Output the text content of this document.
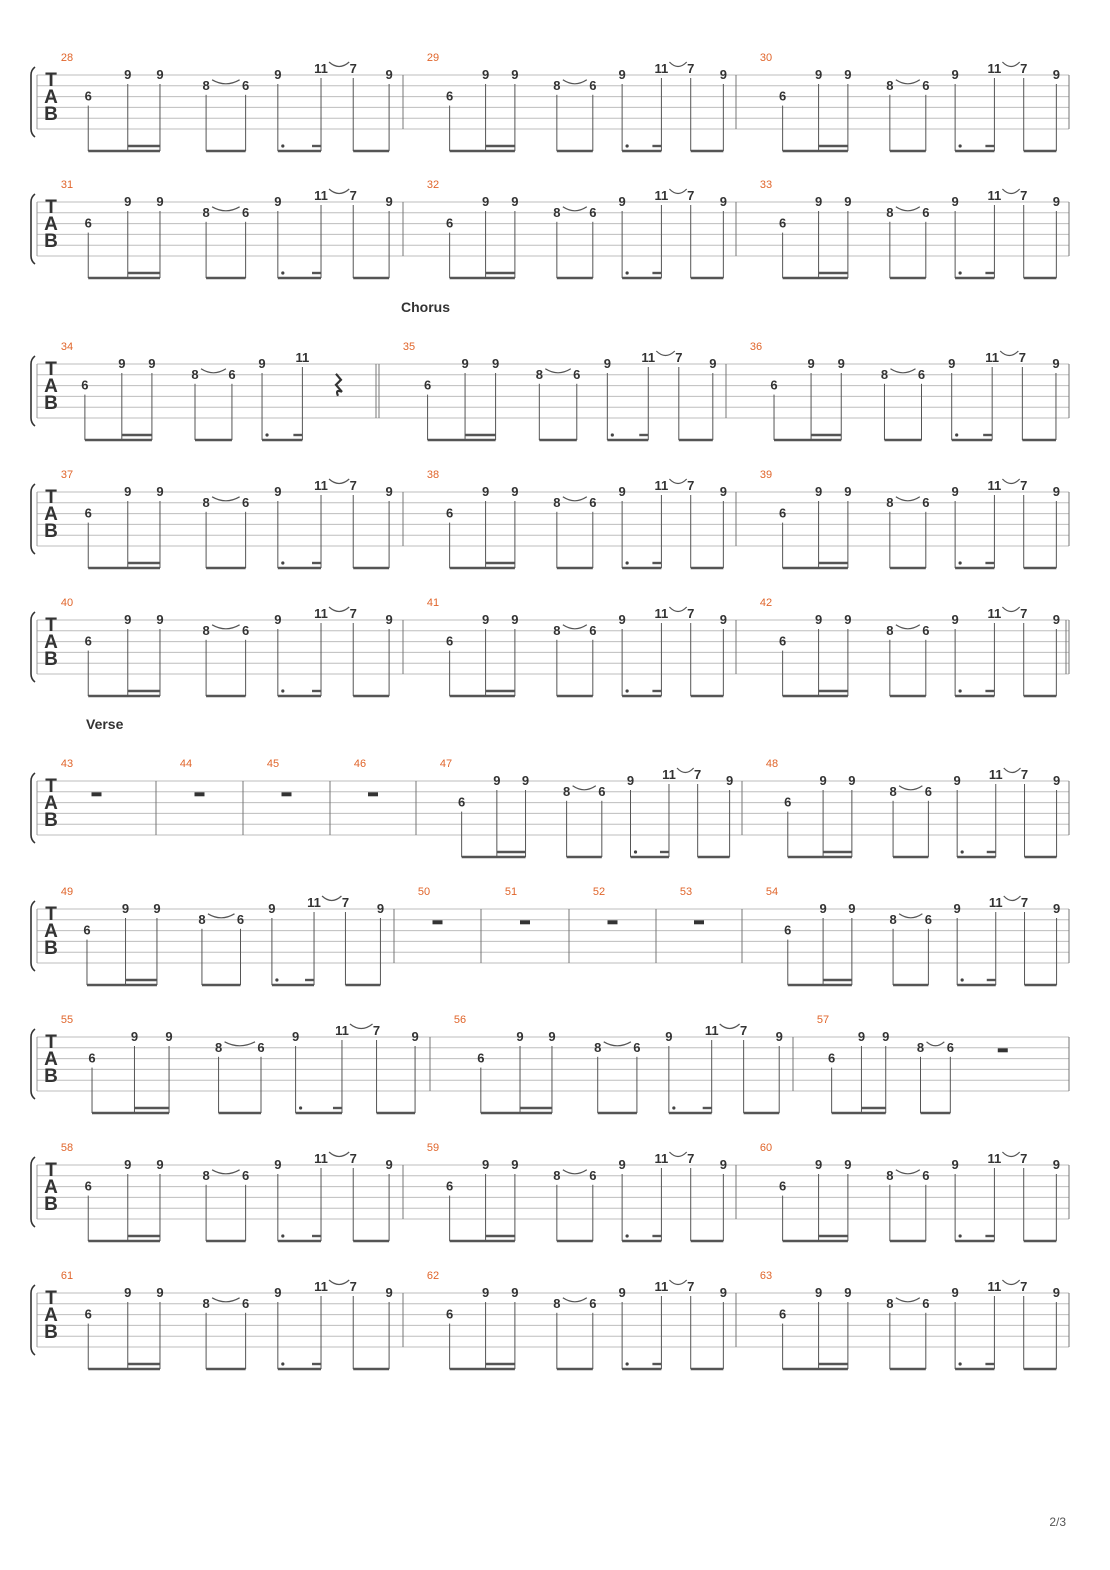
T
A
B
28
6
9 9
8 6
9	11 7 9
29
6
9 9
8 6
9 11 7 9
30
6
9 9
8 6
9 11 7 9
T
A
B
31
6
9 9
8 6
9	11 7 9
32
6
9 9
8 6
9 11 7 9
33
6
9 9
8 6
9 11 7 9
T
A
B
Chorus
34
6
9 9
8 6
9 11
35
6
9 9
8 6
9 11 7 9
36
6
9 9
8 6
9 11 7 9
T
A
B
37
6
9 9
8 6
9	11 7 9
38
6
9 9
8 6
9 11 7 9
39
6
9 9
8 6
9 11 7 9
T
A
B
40
6
9 9
8 6
9	11 7 9
41
6
9 9
8 6
9 11 7 9
42
6
9 9
8 6
9 11 7 9
T
A
B
Verse
43	44	45	46	47
6
9 9
8 6
9 11 7 9
48
6
9 9
8 6
9 11 7 9
T
A
B
49
6
9 9
8 6
9 11 7 9
50	51	52	53	54
6
9 9
8 6
9 11 7 9
T
A
B
55
6
9 9
8	6
9	11 7 9
56
6
9 9
8 6
9 11 7 9
57
6
9 9
8 6
T
A
B
58
6
9 9
8 6
9	11 7 9
59
6
9 9
8 6
9 11 7 9
60
6
9 9
8 6
9 11 7 9
T
A
B
61
6
9 9
8 6
9	11 7 9
62
6
9 9
8 6
9 11 7 9
63
6
9 9
8 6
9 11 7 9
2/3
